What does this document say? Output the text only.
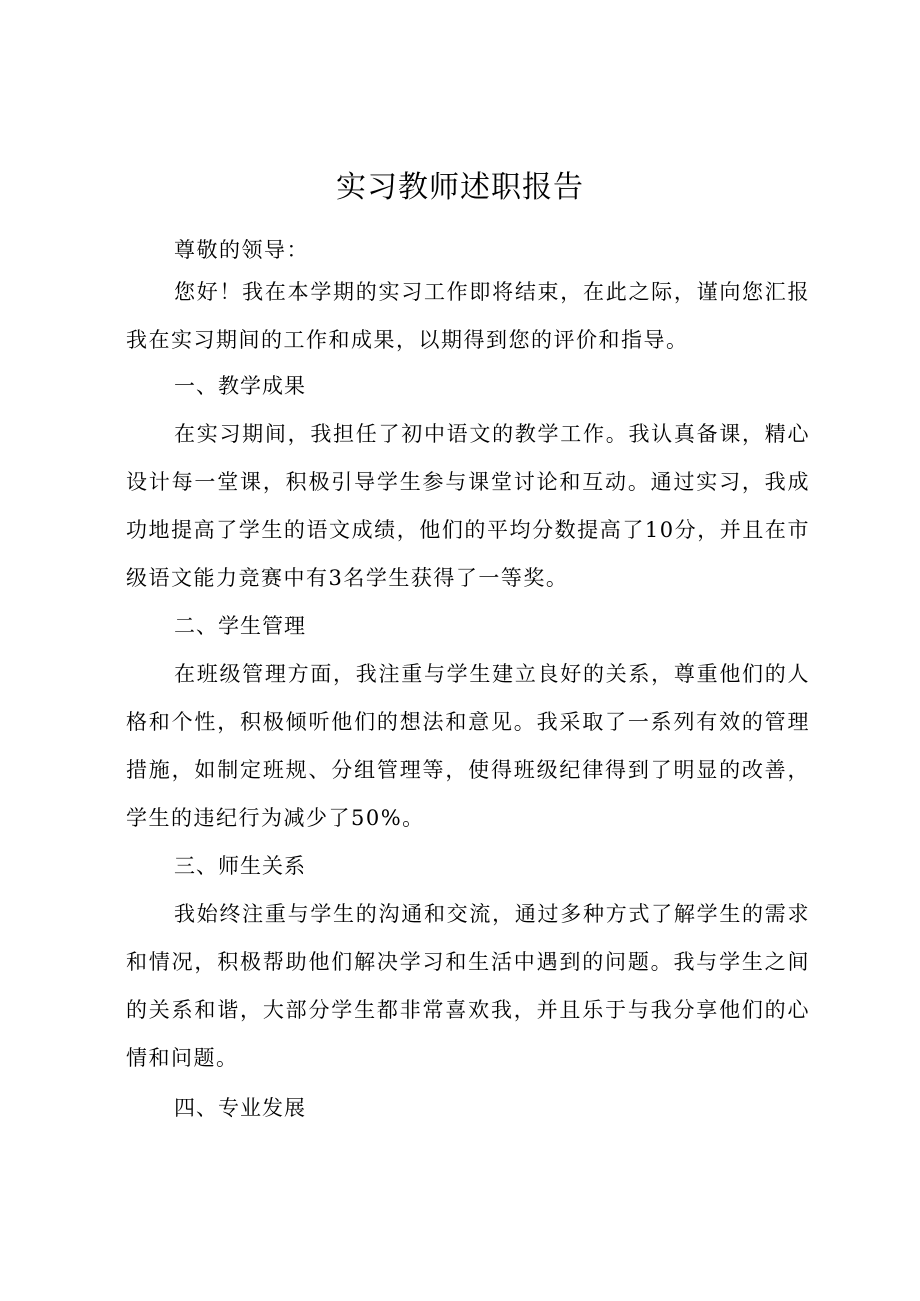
实习教师述职报告

尊敬的领导：

您好！我在本学期的实习工作即将结束，在此之际，谨向您汇报我在实习期间的工作和成果，以期得到您的评价和指导。

一、教学成果

在实习期间，我担任了初中语文的教学工作。我认真备课，精心设计每一堂课，积极引导学生参与课堂讨论和互动。通过实习，我成功地提高了学生的语文成绩，他们的平均分数提高了10分，并且在市级语文能力竞赛中有3名学生获得了一等奖。

二、学生管理

在班级管理方面，我注重与学生建立良好的关系，尊重他们的人格和个性，积极倾听他们的想法和意见。我采取了一系列有效的管理措施，如制定班规、分组管理等，使得班级纪律得到了明显的改善，学生的违纪行为减少了50%。

三、师生关系

我始终注重与学生的沟通和交流，通过多种方式了解学生的需求和情况，积极帮助他们解决学习和生活中遇到的问题。我与学生之间的关系和谐，大部分学生都非常喜欢我，并且乐于与我分享他们的心情和问题。

四、专业发展
